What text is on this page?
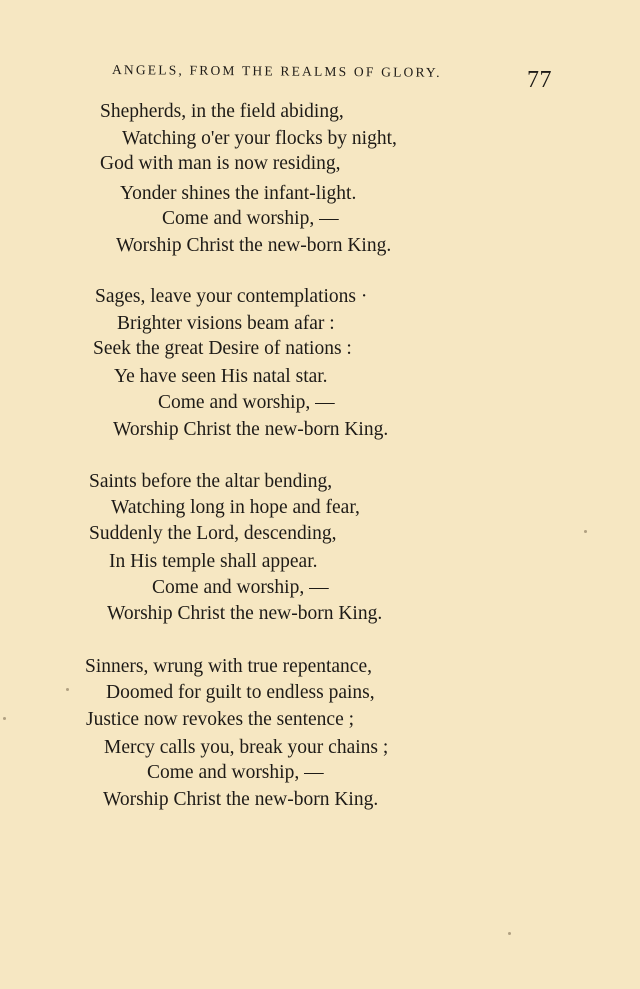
ANGELS, FROM THE REALMS OF GLORY.	77
Shepherds, in the field abiding,
Watching o'er your flocks by night,
God with man is now residing,
Yonder shines the infant-light.
Come and worship, —
Worship Christ the new-born King.
Sages, leave your contemplations ·
Brighter visions beam afar :
Seek the great Desire of nations :
Ye have seen His natal star.
Come and worship, —
Worship Christ the new-born King.
Saints before the altar bending,
Watching long in hope and fear,
Suddenly the Lord, descending,
In His temple shall appear.
Come and worship, —
Worship Christ the new-born King.
Sinners, wrung with true repentance,
Doomed for guilt to endless pains,
Justice now revokes the sentence ;
Mercy calls you, break your chains ;
Come and worship, —
Worship Christ the new-born King.
